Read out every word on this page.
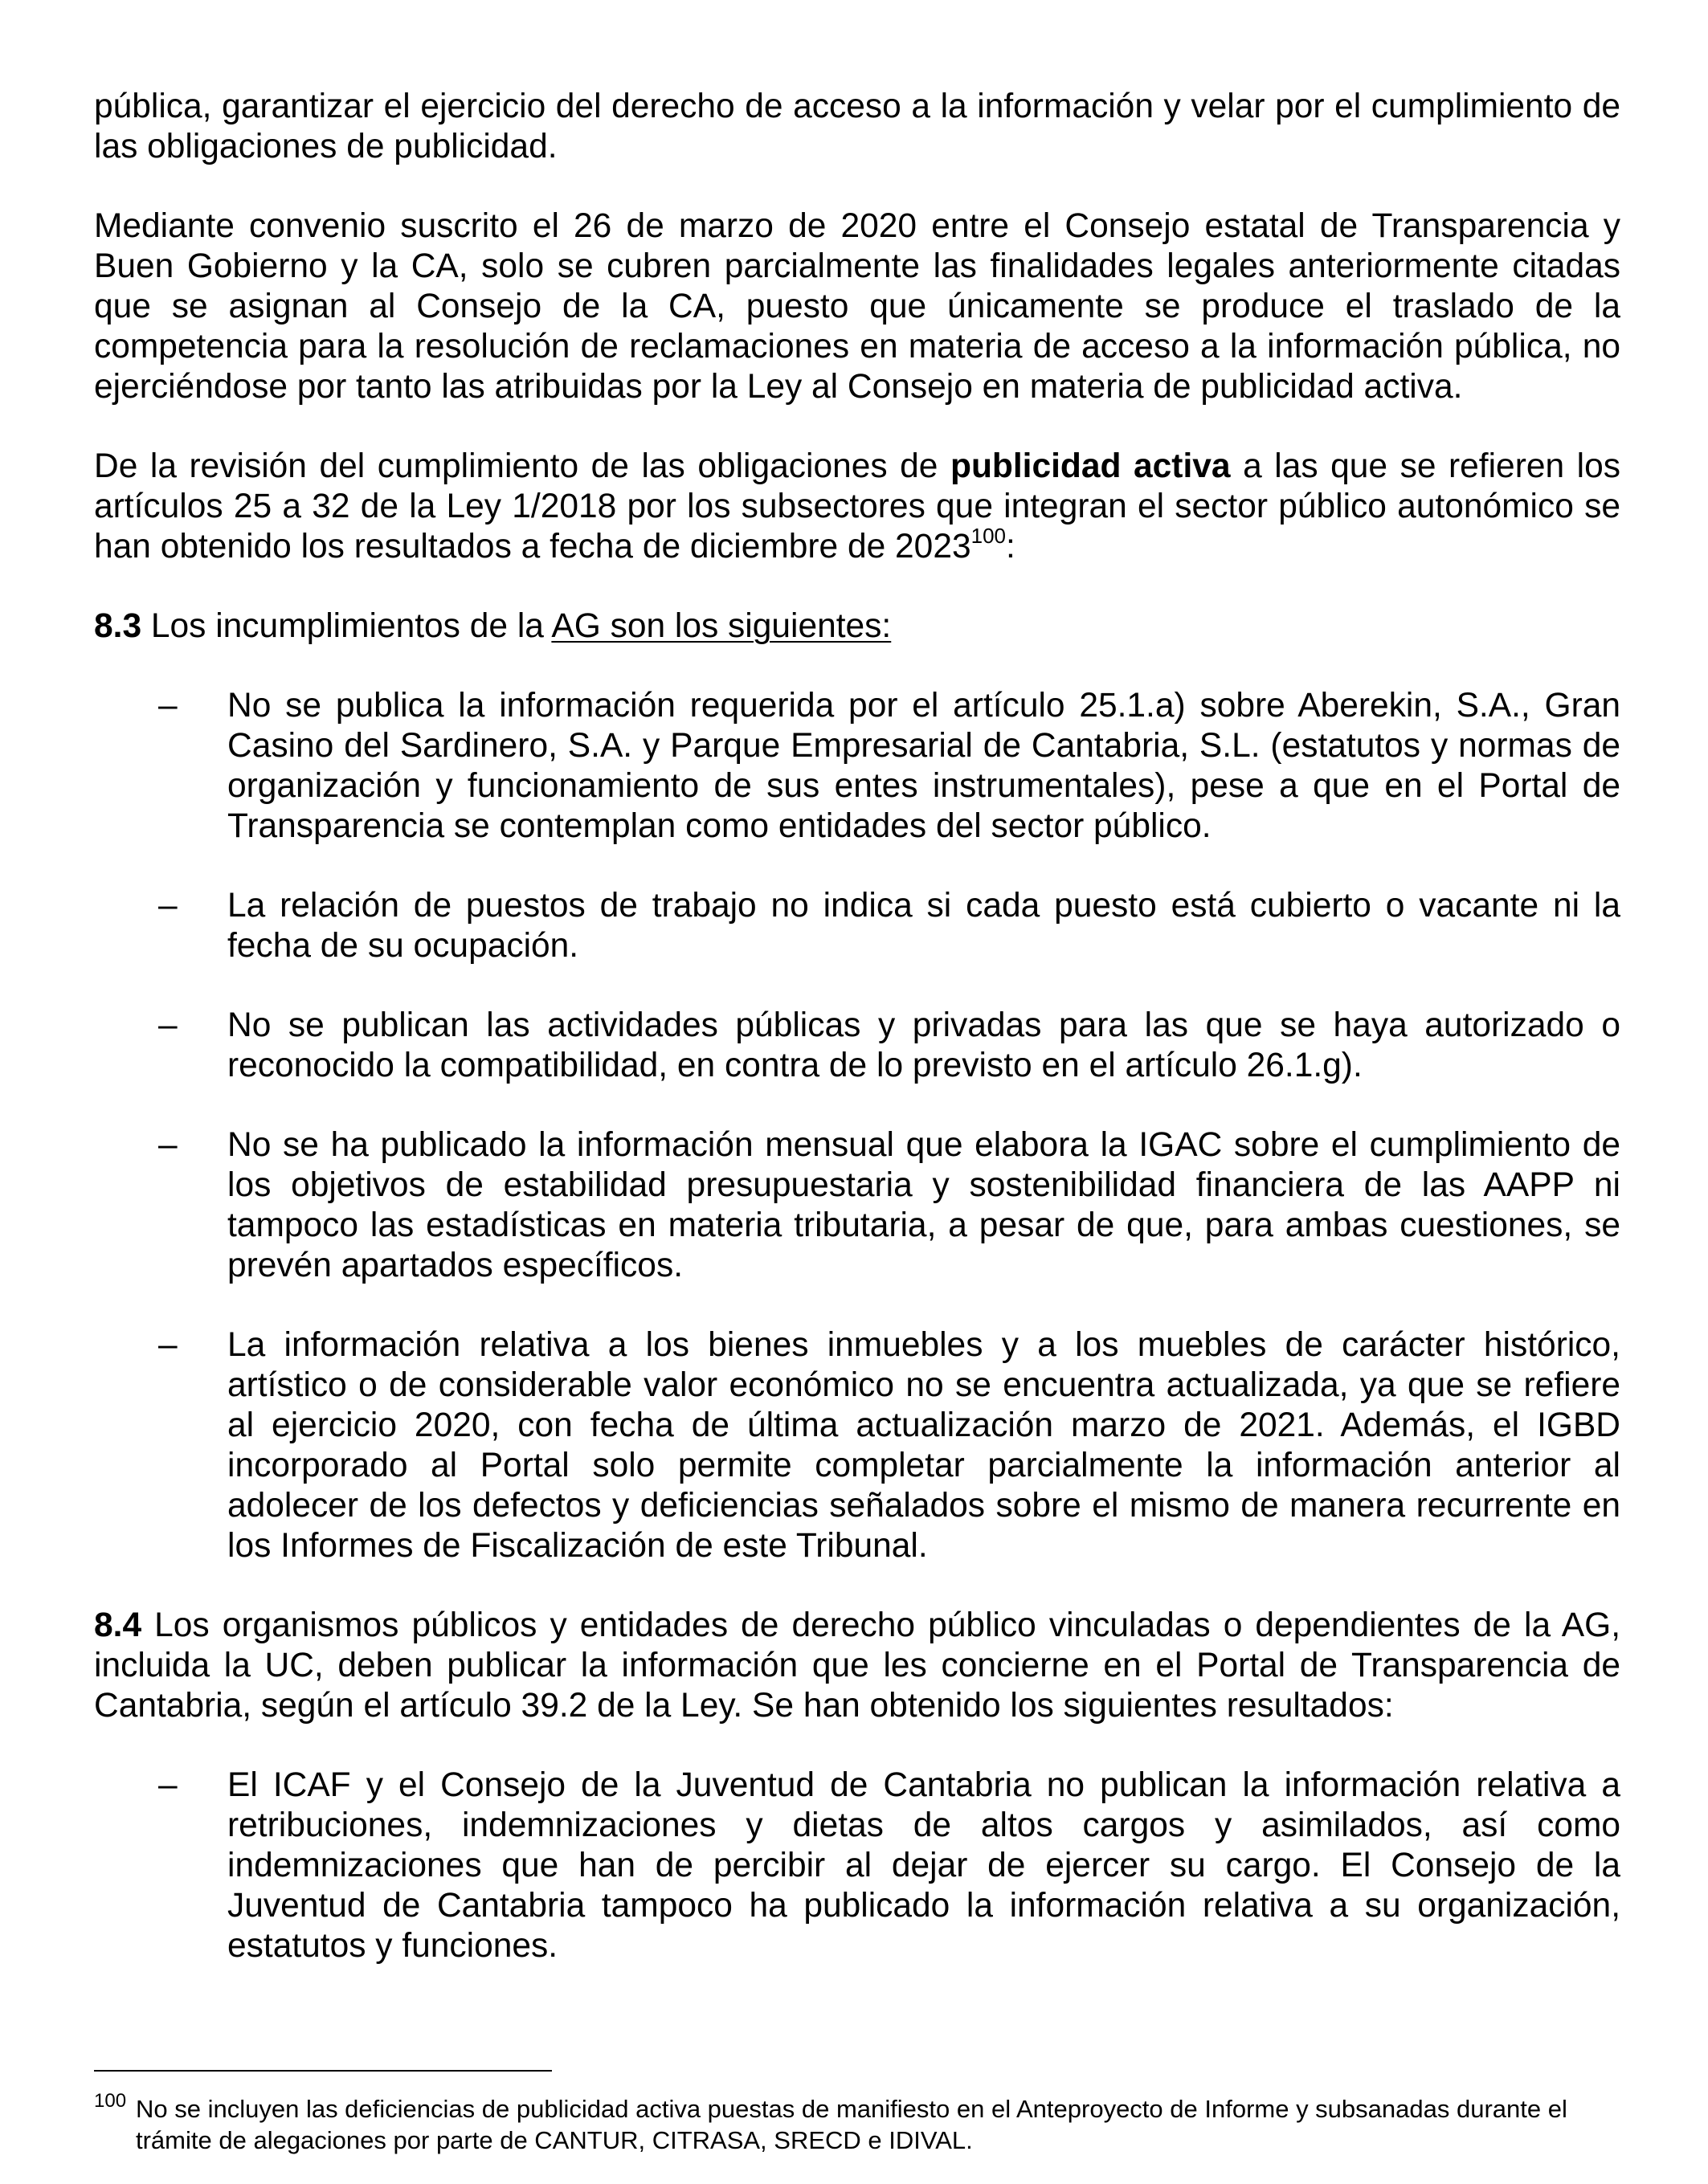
pública, garantizar el ejercicio del derecho de acceso a la información y velar por el cumplimiento de las obligaciones de publicidad.

Mediante convenio suscrito el 26 de marzo de 2020 entre el Consejo estatal de Transparencia y Buen Gobierno y la CA, solo se cubren parcialmente las finalidades legales anteriormente citadas que se asignan al Consejo de la CA, puesto que únicamente se produce el traslado de la competencia para la resolución de reclamaciones en materia de acceso a la información pública, no ejerciéndose por tanto las atribuidas por la Ley al Consejo en materia de publicidad activa.

De la revisión del cumplimiento de las obligaciones de publicidad activa a las que se refieren los artículos 25 a 32 de la Ley 1/2018 por los subsectores que integran el sector público autonómico se han obtenido los resultados a fecha de diciembre de 2023$^{100}$:

8.3 Los incumplimientos de la AG son los siguientes:

– No se publica la información requerida por el artículo 25.1.a) sobre Aberekin, S.A., Gran Casino del Sardinero, S.A. y Parque Empresarial de Cantabria, S.L. (estatutos y normas de organización y funcionamiento de sus entes instrumentales), pese a que en el Portal de Transparencia se contemplan como entidades del sector público.
– La relación de puestos de trabajo no indica si cada puesto está cubierto o vacante ni la fecha de su ocupación.
– No se publican las actividades públicas y privadas para las que se haya autorizado o reconocido la compatibilidad, en contra de lo previsto en el artículo 26.1.g).
– No se ha publicado la información mensual que elabora la IGAC sobre el cumplimiento de los objetivos de estabilidad presupuestaria y sostenibilidad financiera de las AAPP ni tampoco las estadísticas en materia tributaria, a pesar de que, para ambas cuestiones, se prevén apartados específicos.
– La información relativa a los bienes inmuebles y a los muebles de carácter histórico, artístico o de considerable valor económico no se encuentra actualizada, ya que se refiere al ejercicio 2020, con fecha de última actualización marzo de 2021. Además, el IGBD incorporado al Portal solo permite completar parcialmente la información anterior al adolecer de los defectos y deficiencias señalados sobre el mismo de manera recurrente en los Informes de Fiscalización de este Tribunal.

8.4 Los organismos públicos y entidades de derecho público vinculadas o dependientes de la AG, incluida la UC, deben publicar la información que les concierne en el Portal de Transparencia de Cantabria, según el artículo 39.2 de la Ley. Se han obtenido los siguientes resultados:

– El ICAF y el Consejo de la Juventud de Cantabria no publican la información relativa a retribuciones, indemnizaciones y dietas de altos cargos y asimilados, así como indemnizaciones que han de percibir al dejar de ejercer su cargo. El Consejo de la Juventud de Cantabria tampoco ha publicado la información relativa a su organización, estatutos y funciones.
100 No se incluyen las deficiencias de publicidad activa puestas de manifiesto en el Anteproyecto de Informe y subsanadas durante el trámite de alegaciones por parte de CANTUR, CITRASA, SRECD e IDIVAL.
